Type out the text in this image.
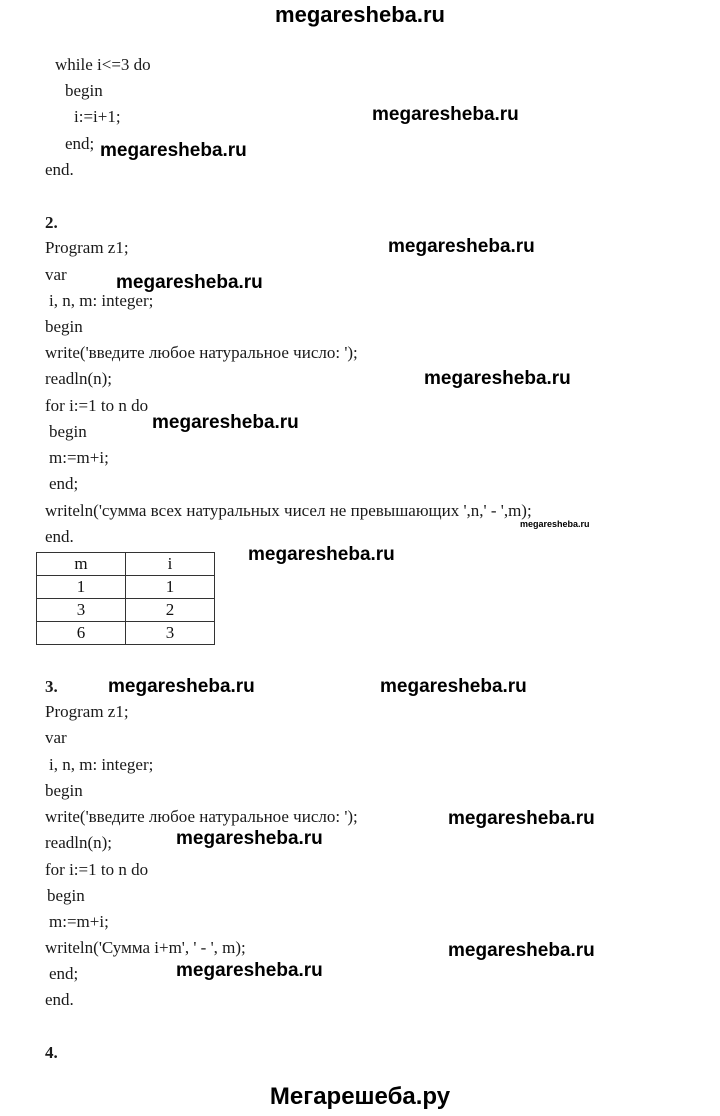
megaresheba.ru
while i<=3 do
begin
i:=i+1;
end;
end.
megaresheba.ru
megaresheba.ru
2.
Program z1;
var
i, n, m: integer;
begin
write('введите любое натуральное число: ');
readln(n);
for i:=1 to n do
begin
m:=m+i;
end;
writeln('сумма всех натуральных чисел не превышающих ',n,' - ',m);
end.
megaresheba.ru
megaresheba.ru
megaresheba.ru
megaresheba.ru
megaresheba.ru
megaresheba.ru
m	i
1	1
3	2
6	3
3.	megaresheba.ru	megaresheba.ru
Program z1;
var
i, n, m: integer;
begin
write('введите любое натуральное число: ');
readln(n);
for i:=1 to n do
begin
m:=m+i;
writeln('Сумма i+m', ' - ', m);
end;
end.
megaresheba.ru
megaresheba.ru
megaresheba.ru
megaresheba.ru
4.
Мегарешеба.ру
